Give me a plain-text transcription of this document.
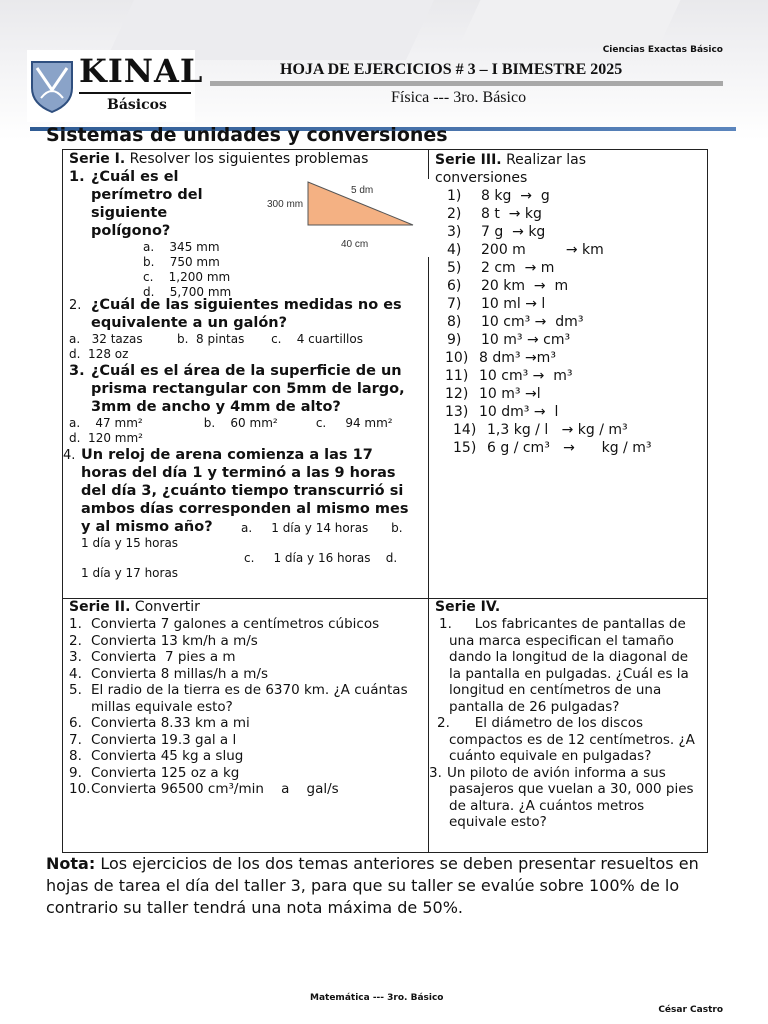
KINAL
Básicos
Ciencias Exactas Básico
HOJA DE EJERCICIOS # 3 – I BIMESTRE 2025
Física --- 3ro. Básico
Sistemas de unidades y conversiones
Serie I. Resolver los siguientes problemas
1. ¿Cuál es el
perímetro del
siguiente
polígono?
a.    345 mm
b.    750 mm
c.    1,200 mm
d.    5,700 mm
5 dm
300 mm
40 cm
2. ¿Cuál de las siguientes medidas no es
equivalente a un galón?
a.   32 tazas         b.  8 pintas       c.    4 cuartillos
d.  128 oz
3. ¿Cuál es el área de la superficie de un
prisma rectangular con 5mm de largo,
3mm de ancho y 4mm de alto?
a.    47 mm²                b.    60 mm²          c.     94 mm²
d.  120 mm²
4. Un reloj de arena comienza a las 17
horas del día 1 y terminó a las 9 horas
del día 3, ¿cuánto tiempo transcurrió si
ambos días corresponden al mismo mes
y al mismo año? a.     1 día y 14 horas      b.
1 día y 15 horas
c.     1 día y 16 horas    d.
1 día y 17 horas
Serie III. Realizar las
conversiones
1) 8 kg  →  g
2) 8 t  → kg
3) 7 g  → kg
4) 200 m         → km
5) 2 cm  → m
6) 20 km  →  m
7) 10 ml → l
8) 10 cm³ →  dm³
9) 10 m³ → cm³
10) 8 dm³ →m³
11) 10 cm³ →  m³
12) 10 m³ →l
13) 10 dm³ →  l
14) 1,3 kg / l   → kg / m³
15) 6 g / cm³   →      kg / m³
Serie II. Convertir
1. Convierta 7 galones a centímetros cúbicos
2. Convierta 13 km/h a m/s
3. Convierta  7 pies a m
4. Convierta 8 millas/h a m/s
5. El radio de la tierra es de 6370 km. ¿A cuántas
millas equivale esto?
6. Convierta 8.33 km a mi
7. Convierta 19.3 gal a l
8. Convierta 45 kg a slug
9. Convierta 125 oz a kg
10. Convierta 96500 cm³/min    a    gal/s
Serie IV.
1.
Los fabricantes de pantallas de
una marca especifican el tamaño
dando la longitud de la diagonal de
la pantalla en pulgadas. ¿Cuál es la
longitud en centímetros de una
pantalla de 26 pulgadas?
2. El diámetro de los discos
compactos es de 12 centímetros. ¿A
cuánto equivale en pulgadas?
3. Un piloto de avión informa a sus
pasajeros que vuelan a 30, 000 pies
de altura. ¿A cuántos metros
equivale esto?
Nota: Los ejercicios de los dos temas anteriores se deben presentar resueltos en hojas de tarea el día del taller 3, para que su taller se evalúe sobre 100% de lo contrario su taller tendrá una nota máxima de 50%.
Matemática --- 3ro. Básico
César Castro
